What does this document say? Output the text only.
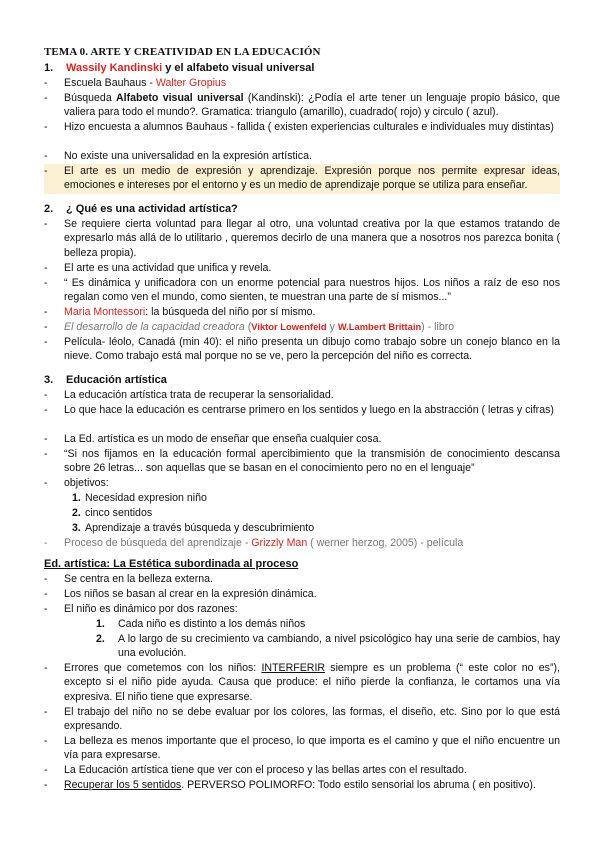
TEMA 0. ARTE Y CREATIVIDAD EN LA EDUCACIÓN
1. Wassily Kandinski y el alfabeto visual universal
-	Escuela Bauhaus - Walter Gropius
-	Búsqueda Alfabeto visual universal (Kandinski): ¿Podía el arte tener un lenguaje propio básico, que valiera para todo el mundo?. Gramatica: triangulo (amarillo), cuadrado( rojo) y circulo ( azul).
-	Hizo encuesta a alumnos Bauhaus - fallida ( existen experiencias culturales e individuales muy distintas)
-	No existe una universalidad en la expresión artística.
-	El arte es un medio de expresión y aprendizaje. Expresión porque nos permite expresar ideas, emociones e intereses por el entorno y es un medio de aprendizaje porque se utiliza para enseñar.
2. ¿ Qué es una actividad artística?
-	Se requiere cierta voluntad para llegar al otro, una voluntad creativa por la que estamos tratando de expresarlo más allá de lo utilitario , queremos decirlo de una manera que a nosotros nos parezca bonita ( belleza propia).
-	El arte es una actividad que unifica y revela.
-	“ Es dinámica y unificadora con un enorme potencial para nuestros hijos. Los niños a raíz de eso nos regalan como ven el mundo, como sienten, te muestran una parte de sí mismos...”
-	Maria Montessori: la búsqueda del niño por sí mismo.
-	El desarrollo de la capacidad creadora (Viktor Lowenfeld y W.Lambert Brittain) - libro
-	Película- léolo, Canadá (min 40): el niño presenta un dibujo como trabajo sobre un conejo blanco en la nieve. Como trabajo está mal porque no se ve, pero la percepción del niño es correcta.
3. Educación artística
-	La educación artística trata de recuperar la sensorialidad.
-	Lo que hace la educación es centrarse primero en los sentidos y luego en la abstracción ( letras y cifras)
-	La Ed. artística es un modo de enseñar que enseña cualquier cosa.
-	“Si nos fijamos en la educación formal apercibimiento que la transmisión de conocimiento descansa sobre 26 letras... son aquellas que se basan en el conocimiento pero no en el lenguaje”
-	objetivos:
1. Necesidad expresion niño
2. cinco sentidos
3. Aprendizaje a través búsqueda y descubrimiento
-	Proceso de búsqueda del aprendizaje - Grizzly Man ( werner herzog, 2005) - película
Ed. artística: La Estética subordinada al proceso
-	Se centra en la belleza externa.
-	Los niños se basan al crear en la expresión dinámica.
-	El niño es dinámico por dos razones:
1. Cada niño es distinto a los demás niños
2.	A lo largo de su crecimiento va cambiando, a nivel psicológico hay una serie de cambios, hay una evolución.
-	Errores que cometemos con los niños: INTERFERIR siempre es un problema (“ este color no es”), excepto si el niño pide ayuda. Causa que produce: el niño pierde la confianza, le cortamos una vía expresiva. El niño tiene que expresarse.
-	El trabajo del niño no se debe evaluar por los colores, las formas, el diseño, etc. Sino por lo que está expresando.
-	La belleza es menos importante que el proceso, lo que importa es el camino y que el niño encuentre un vía para expresarse.
-	La Educación artística tiene que ver con el proceso y las bellas artes con el resultado.
-	Recuperar los 5 sentidos. PERVERSO POLIMORFO: Todo estilo sensorial los abruma ( en positivo).
